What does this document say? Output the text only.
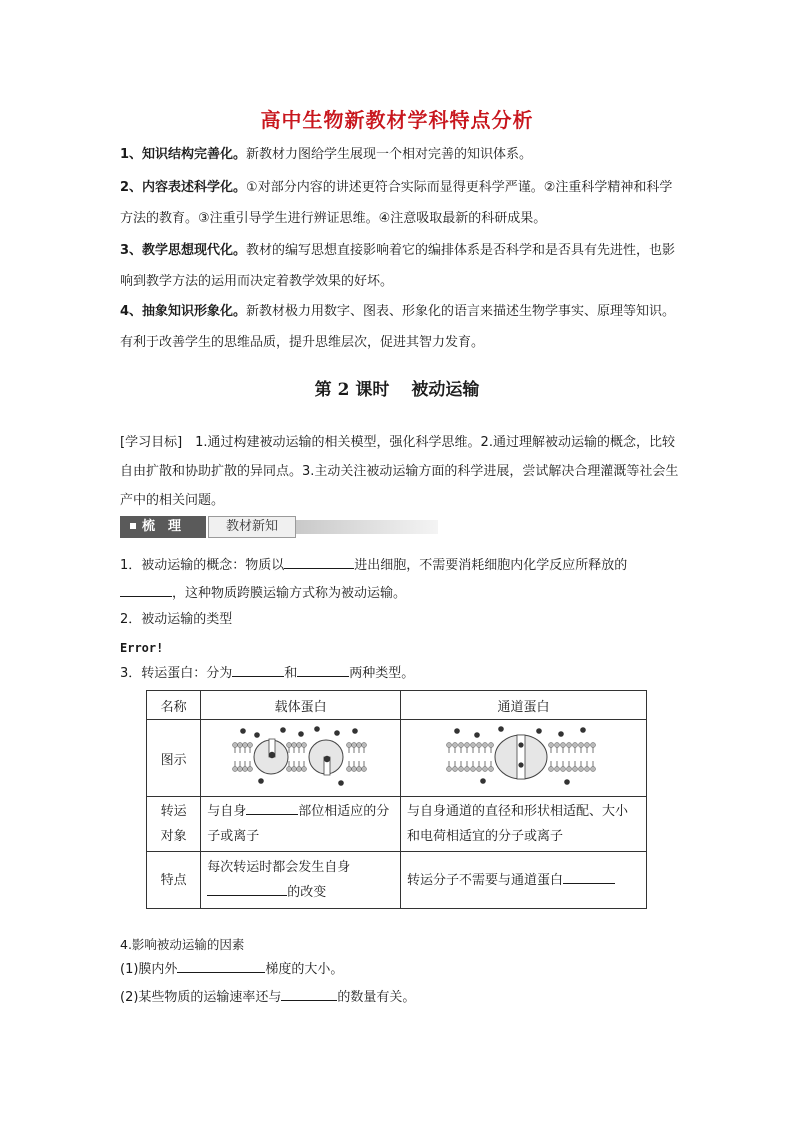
高中生物新教材学科特点分析
1、知识结构完善化。新教材力图给学生展现一个相对完善的知识体系。
2、内容表述科学化。①对部分内容的讲述更符合实际而显得更科学严谨。②注重科学精神和科学方法的教育。③注重引导学生进行辨证思维。④注意吸取最新的科研成果。
3、教学思想现代化。教材的编写思想直接影响着它的编排体系是否科学和是否具有先进性，也影响到教学方法的运用而决定着教学效果的好坏。
4、抽象知识形象化。新教材极力用数字、图表、形象化的语言来描述生物学事实、原理等知识。有利于改善学生的思维品质，提升思维层次，促进其智力发育。
第 2 课时 被动运输
[学习目标]　1.通过构建被动运输的相关模型，强化科学思维。2.通过理解被动运输的概念，比较自由扩散和协助扩散的异同点。3.主动关注被动运输方面的科学进展，尝试解决合理灌溉等社会生产中的相关问题。
梳　理	教材新知
1．被动运输的概念：物质以	进出细胞，不需要消耗细胞内化学反应所释放的
，这种物质跨膜运输方式称为被动运输。
2．被动运输的类型
Error!
3．转运蛋白：分为	和	两种类型。
名称	载体蛋白	通道蛋白
图示		
转运
对象	与自身 部位相适应的分子或离子	与自身通道的直径和形状相适配、大小和电荷相适宜的分子或离子
特点	每次转运时都会发生自身
的改变	转运分子不需要与通道蛋白
4.影响被动运输的因素
(1)膜内外	梯度的大小。
(2)某些物质的运输速率还与	的数量有关。
